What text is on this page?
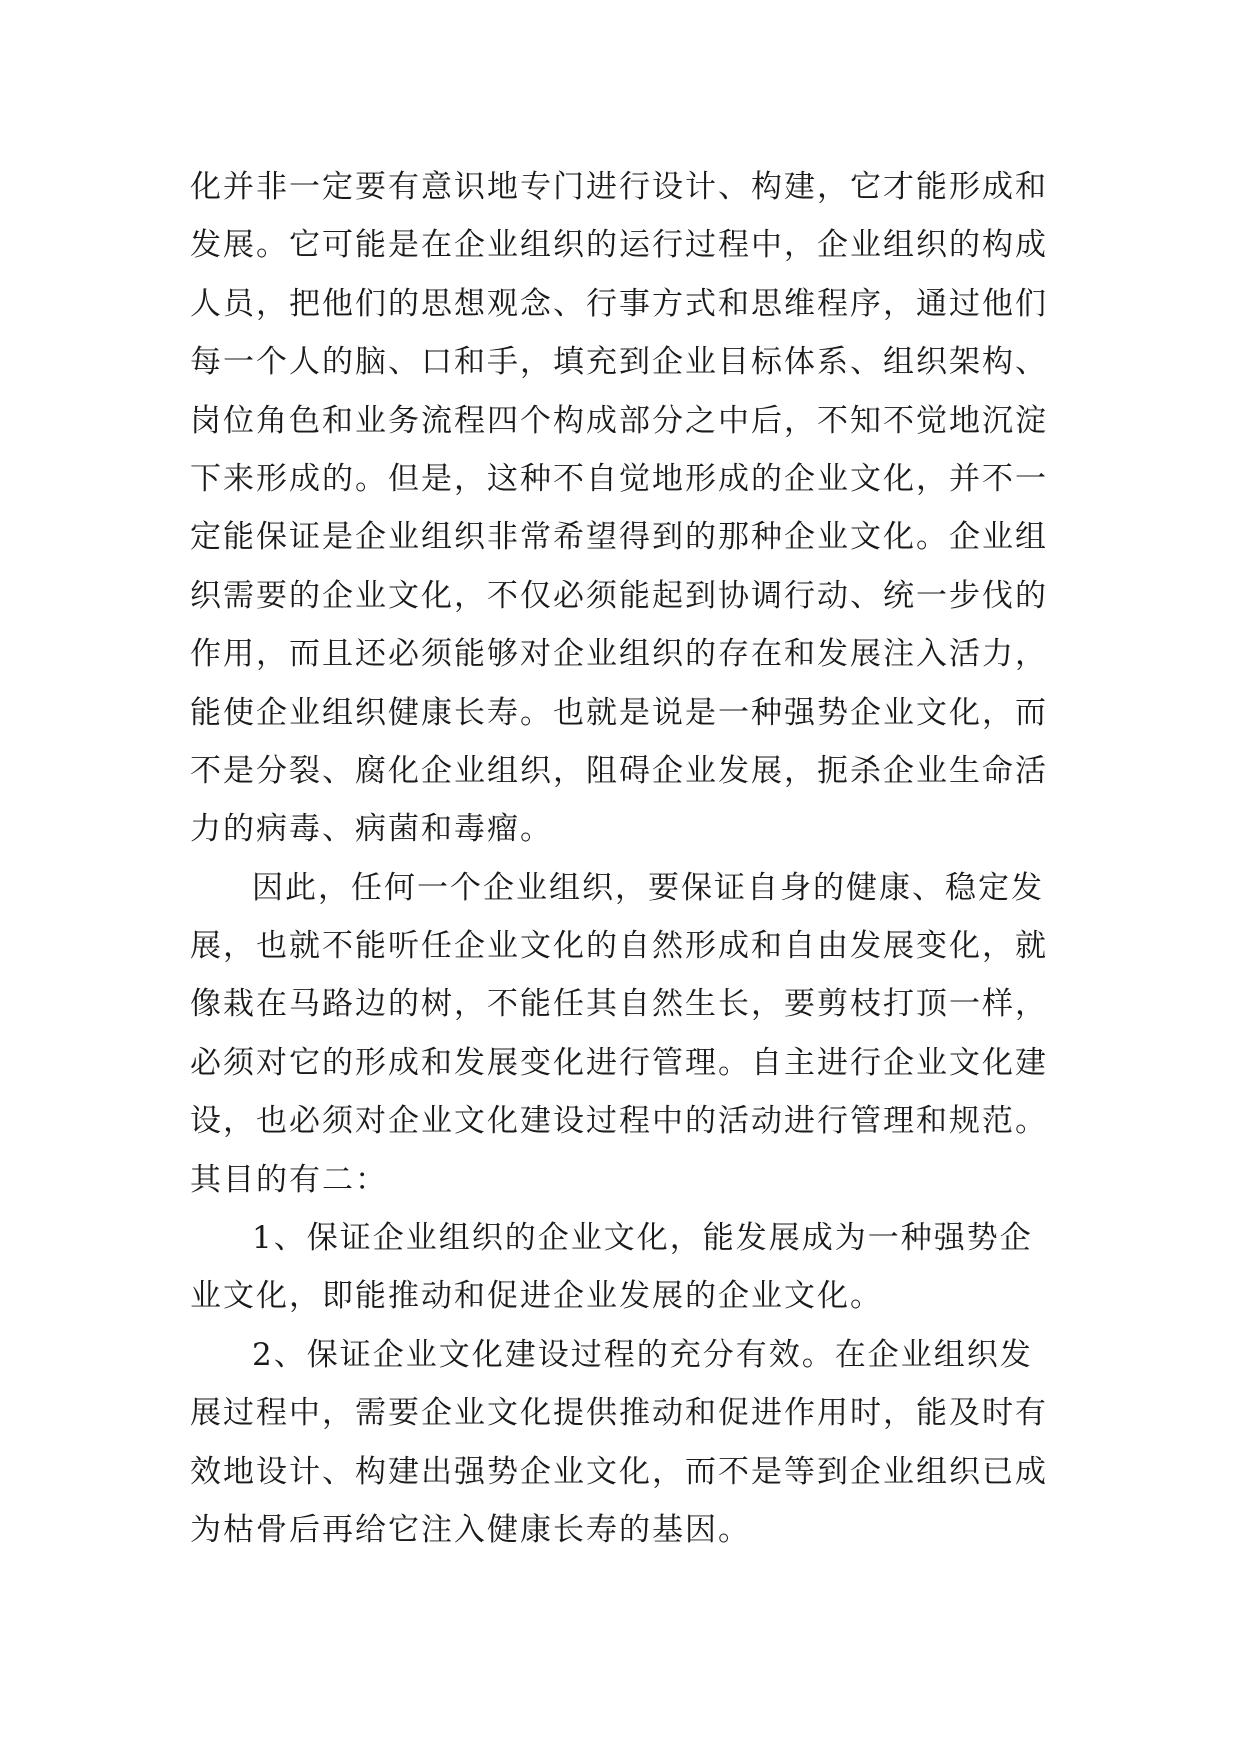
化并非一定要有意识地专门进行设计、构建，它才能形成和
发展。它可能是在企业组织的运行过程中，企业组织的构成
人员，把他们的思想观念、行事方式和思维程序，通过他们
每一个人的脑、口和手，填充到企业目标体系、组织架构、
岗位角色和业务流程四个构成部分之中后，不知不觉地沉淀
下来形成的。但是，这种不自觉地形成的企业文化，并不一
定能保证是企业组织非常希望得到的那种企业文化。企业组
织需要的企业文化，不仅必须能起到协调行动、统一步伐的
作用，而且还必须能够对企业组织的存在和发展注入活力，
能使企业组织健康长寿。也就是说是一种强势企业文化，而
不是分裂、腐化企业组织，阻碍企业发展，扼杀企业生命活
力的病毒、病菌和毒瘤。
因此，任何一个企业组织，要保证自身的健康、稳定发
展，也就不能听任企业文化的自然形成和自由发展变化，就
像栽在马路边的树，不能任其自然生长，要剪枝打顶一样，
必须对它的形成和发展变化进行管理。自主进行企业文化建
设，也必须对企业文化建设过程中的活动进行管理和规范。
其目的有二：
1、保证企业组织的企业文化，能发展成为一种强势企
业文化，即能推动和促进企业发展的企业文化。
2、保证企业文化建设过程的充分有效。在企业组织发
展过程中，需要企业文化提供推动和促进作用时，能及时有
效地设计、构建出强势企业文化，而不是等到企业组织已成
为枯骨后再给它注入健康长寿的基因。
